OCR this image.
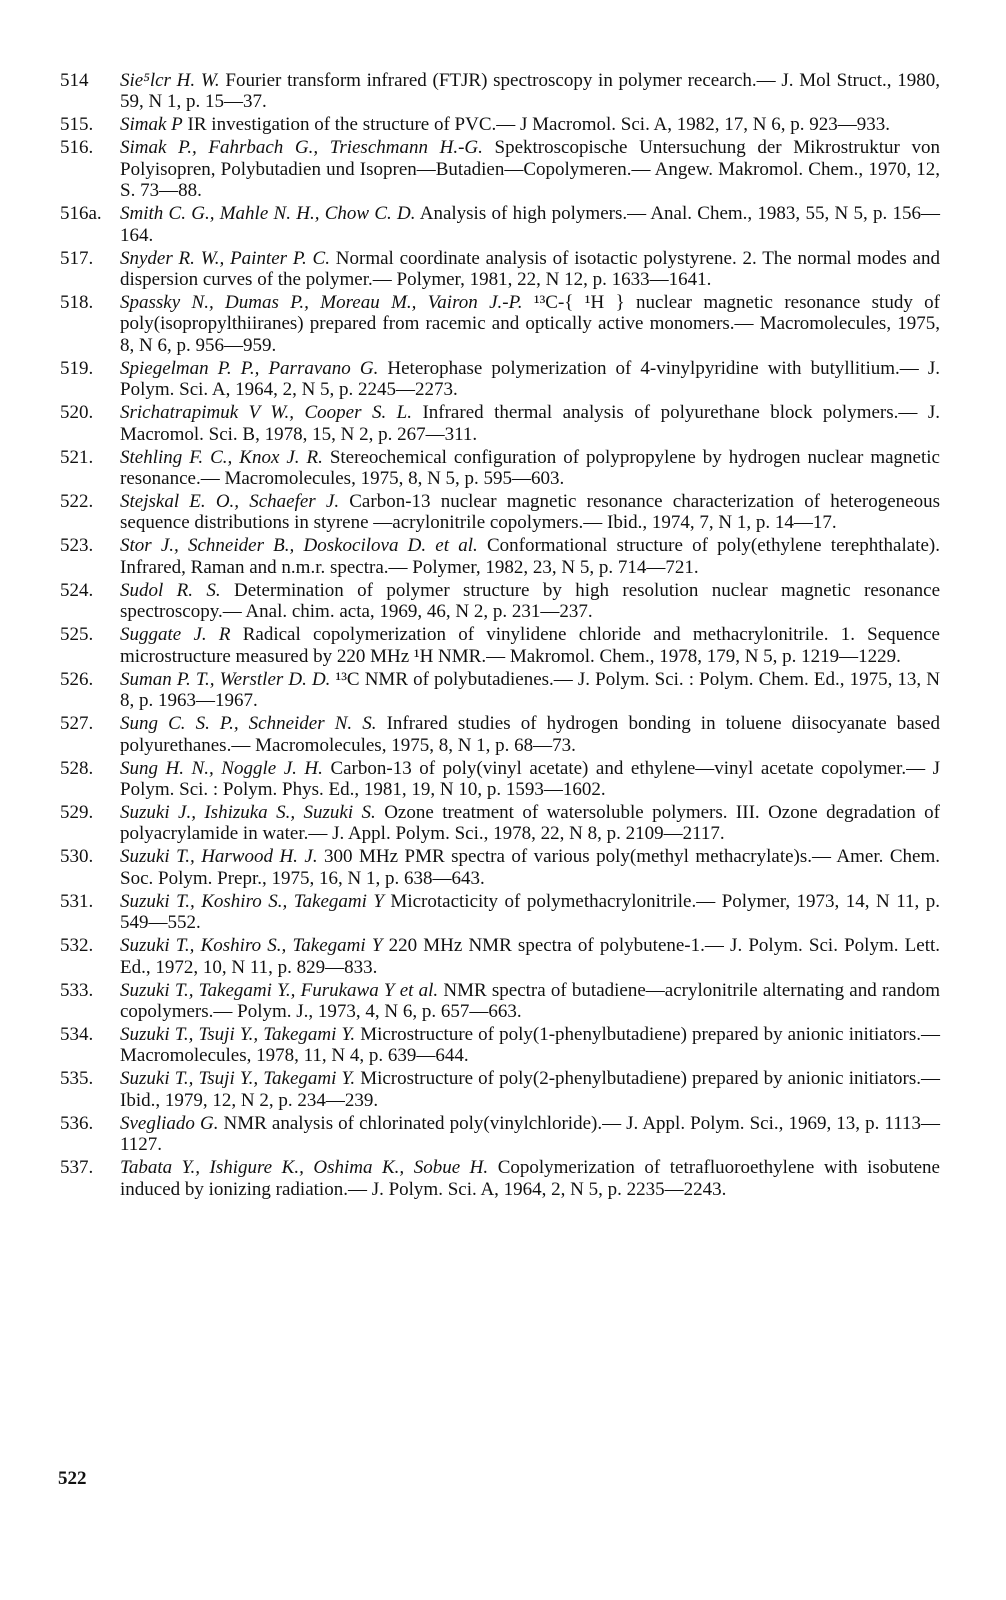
514	Sie⁵lcr H. W. Fourier transform infrared (FTJR) spectroscopy in polymer recearch.— J. Mol Struct., 1980, 59, N 1, p. 15—37.
515.	Simak P IR investigation of the structure of PVC.— J Macromol. Sci. A, 1982, 17, N 6, p. 923—933.
516.	Simak P., Fahrbach G., Trieschmann H.-G. Spektroscopische Untersuchung der Mikrostruktur von Polyisopren, Polybutadien und Isopren—Butadien—Copolymeren.— Angew. Makromol. Chem., 1970, 12, S. 73—88.
516a. Smith C. G., Mahle N. H., Chow C. D. Analysis of high polymers.— Anal. Chem., 1983, 55, N 5, p. 156—164.
517.	Snyder R. W., Painter P. C. Normal coordinate analysis of isotactic polystyrene. 2. The normal modes and dispersion curves of the polymer.— Polymer, 1981, 22, N 12, p. 1633—1641.
518.	Spassky N., Dumas P., Moreau M., Vairon J.-P. ¹³C-{ ¹H } nuclear magnetic resonance study of poly(isopropylthiiranes) prepared from racemic and optically active monomers.— Macromolecules, 1975, 8, N 6, p. 956—959.
519.	Spiegelman P. P., Parravano G. Heterophase polymerization of 4-vinylpyridine with butyllitium.— J. Polym. Sci. A, 1964, 2, N 5, p. 2245—2273.
520.	Srichatrapimuk V W., Cooper S. L. Infrared thermal analysis of polyurethane block polymers.— J. Macromol. Sci. B, 1978, 15, N 2, p. 267—311.
521.	Stehling F. C., Knox J. R. Stereochemical configuration of polypropylene by hydrogen nuclear magnetic resonance.— Macromolecules, 1975, 8, N 5, p. 595—603.
522.	Stejskal E. O., Schaefer J. Carbon-13 nuclear magnetic resonance characterization of heterogeneous sequence distributions in styrene —acrylonitrile copolymers.— Ibid., 1974, 7, N 1, p. 14—17.
523.	Stor J., Schneider B., Doskocilova D. et al. Conformational structure of poly(ethylene terephthalate). Infrared, Raman and n.m.r. spectra.— Polymer, 1982, 23, N 5, p. 714—721.
524.	Sudol R. S. Determination of polymer structure by high resolution nuclear magnetic resonance spectroscopy.— Anal. chim. acta, 1969, 46, N 2, p. 231—237.
525.	Suggate J. R Radical copolymerization of vinylidene chloride and methacrylonitrile. 1. Sequence microstructure measured by 220 MHz ¹H NMR.— Makromol. Chem., 1978, 179, N 5, p. 1219—1229.
526.	Suman P. T., Werstler D. D. ¹³C NMR of polybutadienes.— J. Polym. Sci. : Polym. Chem. Ed., 1975, 13, N 8, p. 1963—1967.
527.	Sung C. S. P., Schneider N. S. Infrared studies of hydrogen bonding in toluene diisocyanate based polyurethanes.— Macromolecules, 1975, 8, N 1, p. 68—73.
528.	Sung H. N., Noggle J. H. Carbon-13 of poly(vinyl acetate) and ethylene—vinyl acetate copolymer.— J Polym. Sci. : Polym. Phys. Ed., 1981, 19, N 10, p. 1593—1602.
529.	Suzuki J., Ishizuka S., Suzuki S. Ozone treatment of watersoluble polymers. III. Ozone degradation of polyacrylamide in water.— J. Appl. Polym. Sci., 1978, 22, N 8, p. 2109—2117.
530.	Suzuki T., Harwood H. J. 300 MHz PMR spectra of various poly(methyl methacrylate)s.— Amer. Chem. Soc. Polym. Prepr., 1975, 16, N 1, p. 638—643.
531.	Suzuki T., Koshiro S., Takegami Y Microtacticity of polymethacrylonitrile.— Polymer, 1973, 14, N 11, p. 549—552.
532.	Suzuki T., Koshiro S., Takegami Y 220 MHz NMR spectra of polybutene-1.— J. Polym. Sci. Polym. Lett. Ed., 1972, 10, N 11, p. 829—833.
533.	Suzuki T., Takegami Y., Furukawa Y et al. NMR spectra of butadiene—acrylonitrile alternating and random copolymers.— Polym. J., 1973, 4, N 6, p. 657—663.
534.	Suzuki T., Tsuji Y., Takegami Y. Microstructure of poly(1-phenylbutadiene) prepared by anionic initiators.— Macromolecules, 1978, 11, N 4, p. 639—644.
535.	Suzuki T., Tsuji Y., Takegami Y. Microstructure of poly(2-phenylbutadiene) prepared by anionic initiators.— Ibid., 1979, 12, N 2, p. 234—239.
536.	Svegliado G. NMR analysis of chlorinated poly(vinylchloride).— J. Appl. Polym. Sci., 1969, 13, p. 1113—1127.
537.	Tabata Y., Ishigure K., Oshima K., Sobue H. Copolymerization of tetrafluoroethylene with isobutene induced by ionizing radiation.— J. Polym. Sci. A, 1964, 2, N 5, p. 2235—2243.
522
